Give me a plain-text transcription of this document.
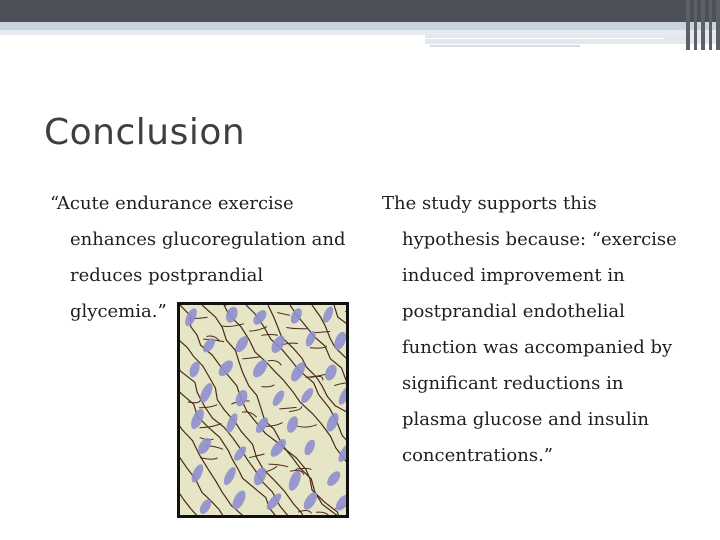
Conclusion
“Acute endurance exercise
enhances glucoregulation and
reduces postprandial
glycemia.”
The study supports this
hypothesis because: “exercise
induced improvement in
postprandial endothelial
function was accompanied by
significant reductions in
plasma glucose and insulin
concentrations.”
